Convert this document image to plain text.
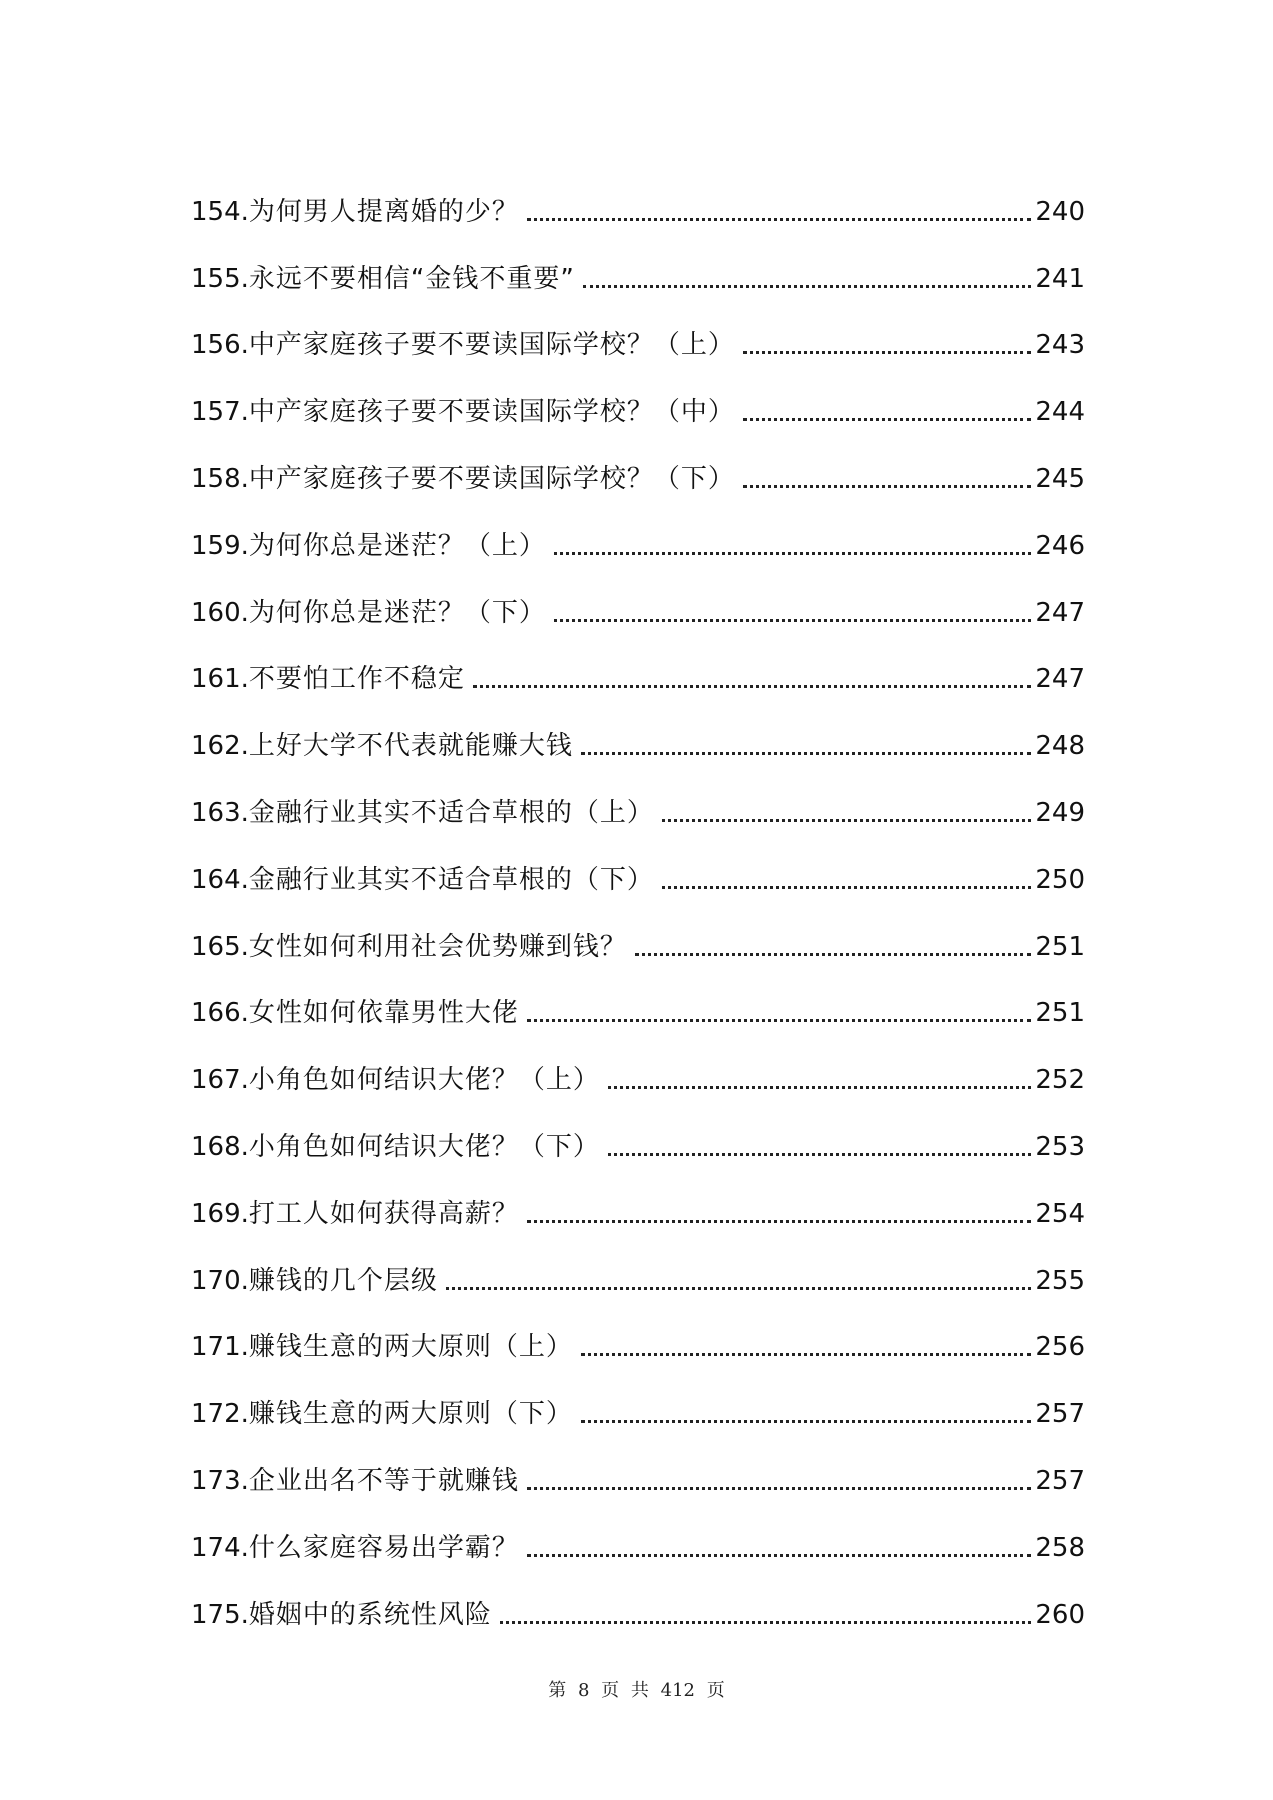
154. 为何男人提离婚的少？	240
155. 永远不要相信“金钱不重要”	241
156. 中产家庭孩子要不要读国际学校？（上）	243
157. 中产家庭孩子要不要读国际学校？（中）	244
158. 中产家庭孩子要不要读国际学校？（下）	245
159. 为何你总是迷茫？（上）	246
160. 为何你总是迷茫？（下）	247
161. 不要怕工作不稳定	247
162. 上好大学不代表就能赚大钱	248
163. 金融行业其实不适合草根的（上）	249
164. 金融行业其实不适合草根的（下）	250
165. 女性如何利用社会优势赚到钱？	251
166. 女性如何依靠男性大佬	251
167. 小角色如何结识大佬？（上）	252
168. 小角色如何结识大佬？（下）	253
169. 打工人如何获得高薪？	254
170. 赚钱的几个层级	255
171. 赚钱生意的两大原则（上）	256
172. 赚钱生意的两大原则（下）	257
173. 企业出名不等于就赚钱	257
174. 什么家庭容易出学霸？	258
175. 婚姻中的系统性风险	260
第 8 页 共 412 页
